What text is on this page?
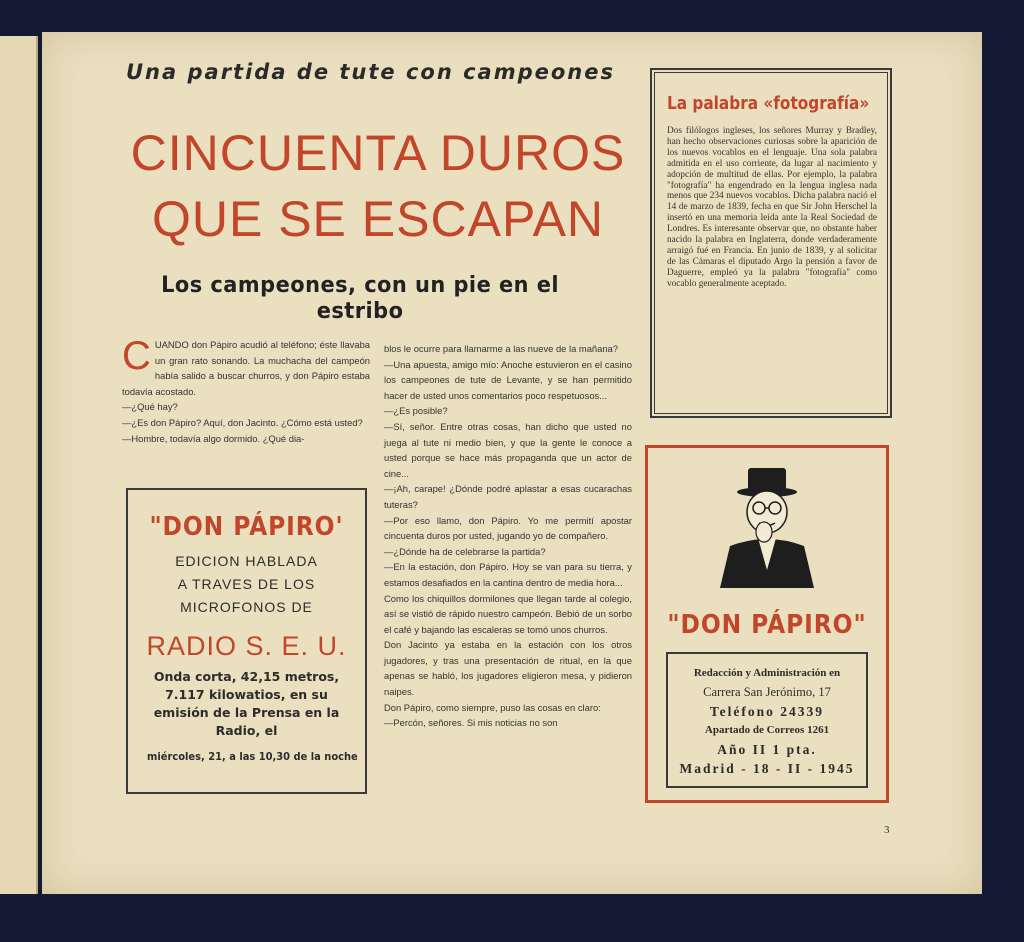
Una partida de tute con campeones
CINCUENTA DUROS
QUE SE ESCAPAN
Los campeones, con un pie en el estribo
C UANDO don Pápiro acudió al teléfono; éste llavaba un gran rato sonando. La muchacha del campeón había salido a buscar churros, y don Pápiro estaba todavía acostado.

—¿Qué hay?

—¿Es don Pápiro? Aquí, don Jacinto. ¿Cómo está usted?

—Hombre, todavía algo dormido. ¿Qué dia-

blos le ocurre para llamarme a las nueve de la mañana?

—Una apuesta, amigo mío: Anoche estuvieron en el casino los campeones de tute de Levante, y se han permitido hacer de usted unos comentarios poco respetuosos...

—¿Es posible?

—Sí, señor. Entre otras cosas, han dicho que usted no juega al tute ni medio bien, y que la gente le conoce a usted porque se hace más propaganda que un actor de cine...

—¡Ah, carape! ¿Dónde podré aplastar a esas cucarachas tuteras?

—Por eso llamo, don Pápiro. Yo me permití apostar cincuenta duros por usted, jugando yo de compañero.

—¿Dónde ha de celebrarse la partida?

—En la estación, don Pápiro. Hoy se van para su tierra, y estamos desafiados en la cantina dentro de media hora...

Como los chiquillos dormilones que llegan tarde al colegio, así se vistió de rápido nuestro campeón. Bebió de un sorbo el café y bajando las escaleras se tomó unos churros.

Don Jacinto ya estaba en la estación con los otros jugadores, y tras una presentación de ritual, en la que apenas se habló, los jugadores eligieron mesa, y pidieron naipes.

Don Pápiro, como siempre, puso las cosas en claro:

—Percón, señores. Si mis noticias no son

"DON PÁPIRO'
EDICION HABLADA
A TRAVES DE LOS
MICROFONOS DE
RADIO S. E. U.
Onda corta, 42,15 metros, 7.117 kilowatios, en su emisión de la Prensa en la Radio, el
miércoles, 21, a las 10,30 de la noche
La palabra «fotografía»
Dos filólogos ingleses, los señores Murray y Bradley, han hecho observaciones curiosas sobre la aparición de los nuevos vocablos en el lenguaje. Una sola palabra admitida en el uso corriente, da lugar al nacimiento y adopción de multitud de ellas. Por ejemplo, la palabra "fotografía" ha engendrado en la lengua inglesa nada menos que 234 nuevos vocablos. Dicha palabra nació el 14 de marzo de 1839, fecha en que Sir John Herschel la insertó en una memoria leída ante la Real Sociedad de Londres. Es interesante observar que, no obstante haber nacido la palabra en Inglaterra, donde verdaderamente arraigó fué en Francia. En junio de 1839, y al solicitar de las Cámaras el diputado Argo la pensión a favor de Daguerre, empleó ya la palabra "fotografía" como vocablo generalmente aceptado.
"DON PÁPIRO"
Redacción y Administración en
Carrera San Jerónimo, 17
Teléfono 24339
Apartado de Correos 1261
Año II 1 pta.
Madrid - 18 - II - 1945
3
